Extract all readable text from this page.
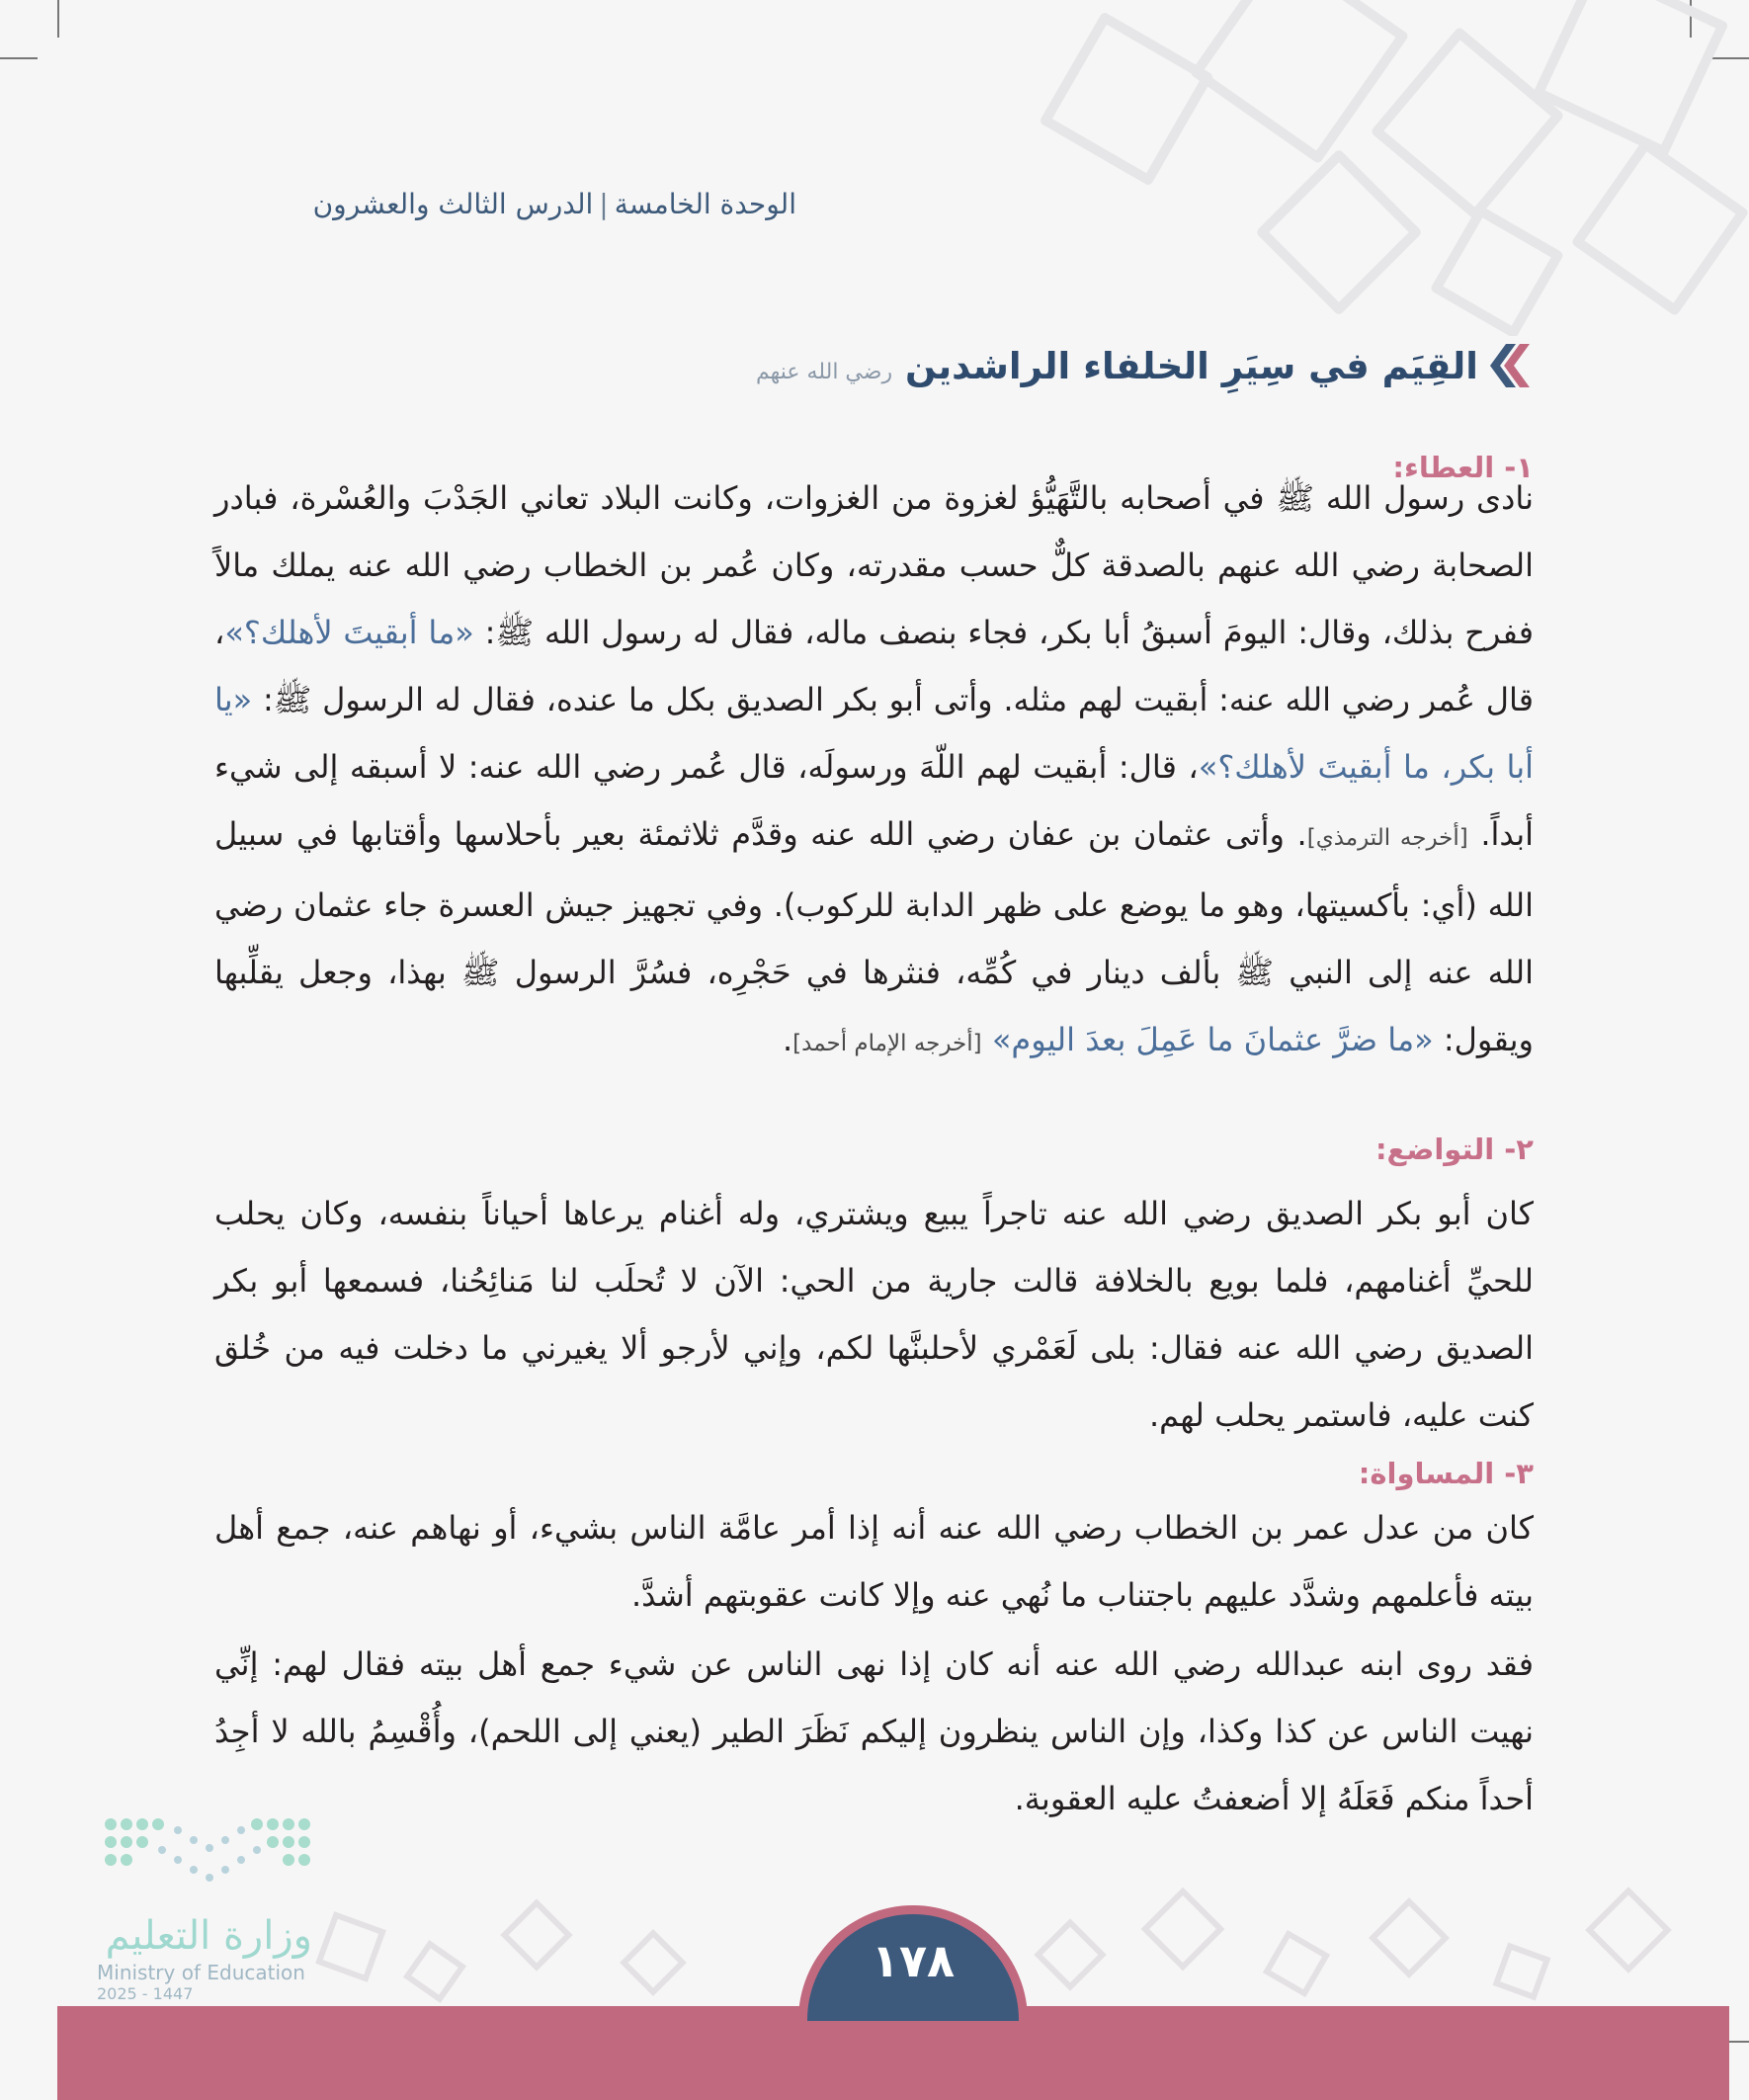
الوحدة الخامسة|الدرس الثالث والعشرون
القِيَم في سِيَرِ الخلفاء الراشدين رضي الله عنهم
١- العطاء:
نادى رسول الله ﷺ في أصحابه بالتَّهَيُّؤ لغزوة من الغزوات، وكانت البلاد تعاني الجَدْبَ والعُسْرة، فبادر الصحابة رضي الله عنهم بالصدقة كلٌّ حسب مقدرته، وكان عُمر بن الخطاب رضي الله عنه يملك مالاً ففرح بذلك، وقال: اليومَ أسبقُ أبا بكر، فجاء بنصف ماله، فقال له رسول الله ﷺ: «ما أبقيتَ لأهلك؟»، قال عُمر رضي الله عنه: أبقيت لهم مثله. وأتى أبو بكر الصديق بكل ما عنده، فقال له الرسول ﷺ: «يا أبا بكر، ما أبقيتَ لأهلك؟»، قال: أبقيت لهم اللّهَ ورسولَه، قال عُمر رضي الله عنه: لا أسبقه إلى شيء أبداً. [أخرجه الترمذي]. وأتى عثمان بن عفان رضي الله عنه وقدَّم ثلاثمئة بعير بأحلاسها وأقتابها في سبيل الله (أي: بأكسيتها، وهو ما يوضع على ظهر الدابة للركوب). وفي تجهيز جيش العسرة جاء عثمان رضي الله عنه إلى النبي ﷺ بألف دينار في كُمِّه، فنثرها في حَجْرِه، فسُرَّ الرسول ﷺ بهذا، وجعل يقلِّبها ويقول: «ما ضرَّ عثمانَ ما عَمِلَ بعدَ اليوم» [أخرجه الإمام أحمد].
٢- التواضع:
كان أبو بكر الصديق رضي الله عنه تاجراً يبيع ويشتري، وله أغنام يرعاها أحياناً بنفسه، وكان يحلب للحيِّ أغنامهم، فلما بويع بالخلافة قالت جارية من الحي: الآن لا تُحلَب لنا مَنائِحُنا، فسمعها أبو بكر الصديق رضي الله عنه فقال: بلى لَعَمْري لأحلبنَّها لكم، وإني لأرجو ألا يغيرني ما دخلت فيه من خُلق كنت عليه، فاستمر يحلب لهم.
٣- المساواة:
كان من عدل عمر بن الخطاب رضي الله عنه أنه إذا أمر عامَّة الناس بشيء، أو نهاهم عنه، جمع أهل بيته فأعلمهم وشدَّد عليهم باجتناب ما نُهي عنه وإلا كانت عقوبتهم أشدَّ.
فقد روى ابنه عبدالله رضي الله عنه أنه كان إذا نهى الناس عن شيء جمع أهل بيته فقال لهم: إنِّي نهيت الناس عن كذا وكذا، وإن الناس ينظرون إليكم نَظَرَ الطير (يعني إلى اللحم)، وأُقْسِمُ بالله لا أجِدُ أحداً منكم فَعَلَهُ إلا أضعفتُ عليه العقوبة.
وزارة التعليم
Ministry of Education
2025 - 1447
١٧٨
